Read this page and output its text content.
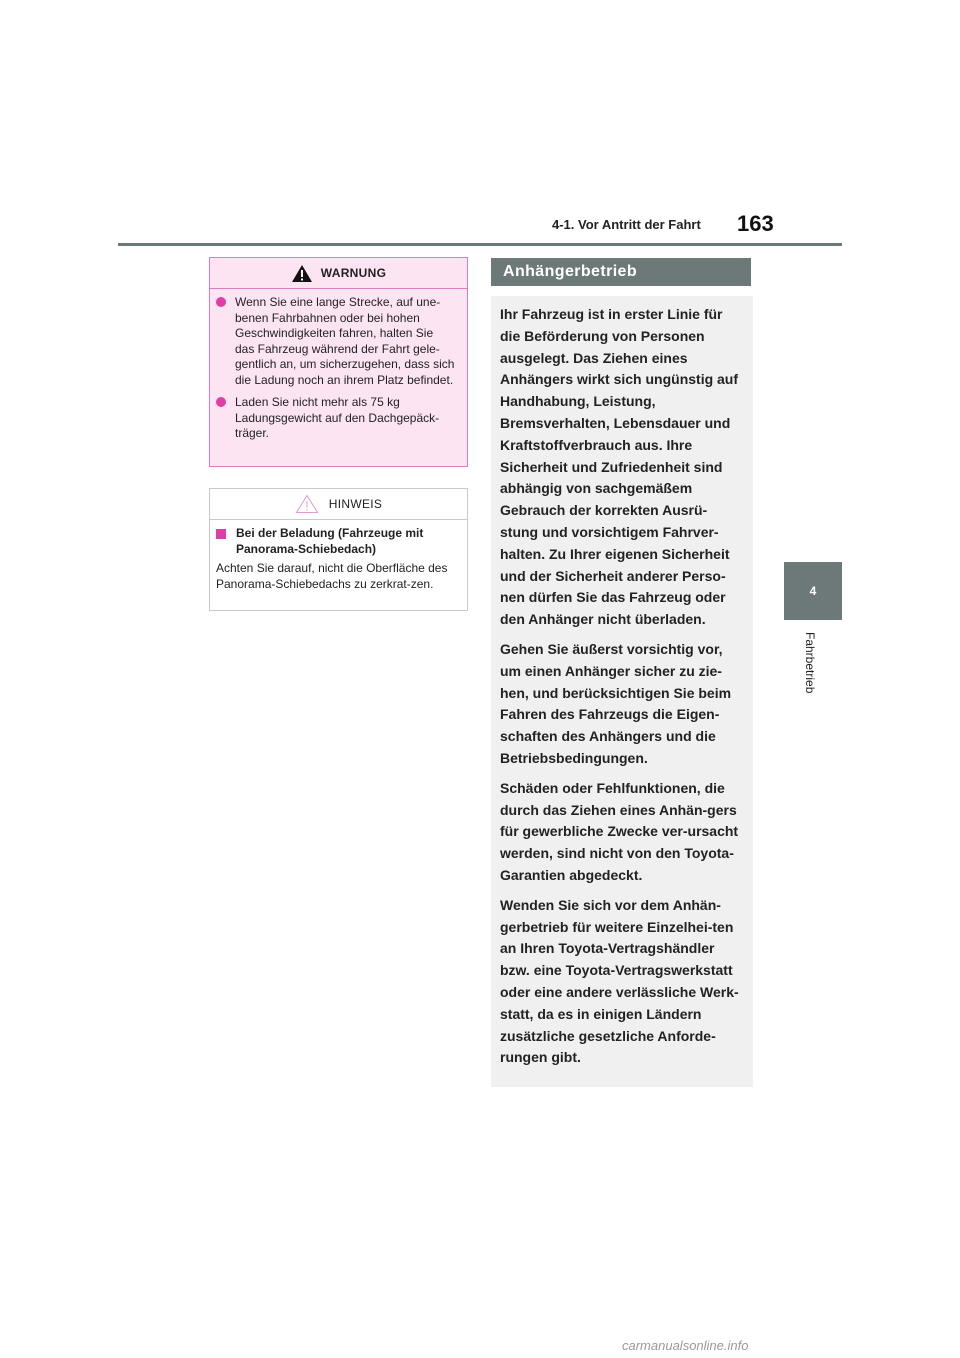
4-1. Vor Antritt der Fahrt 163
4
Fahrbetrieb
WARNUNG
Wenn Sie eine lange Strecke, auf une-benen Fahrbahnen oder bei hohen Geschwindigkeiten fahren, halten Sie das Fahrzeug während der Fahrt gele-gentlich an, um sicherzugehen, dass sich die Ladung noch an ihrem Platz befindet.
Laden Sie nicht mehr als 75 kg Ladungsgewicht auf den Dachgepäck-träger.
HINWEIS
Bei der Beladung (Fahrzeuge mit Panorama-Schiebedach)
Achten Sie darauf, nicht die Oberfläche des Panorama-Schiebedachs zu zerkrat-zen.
Anhängerbetrieb

Ihr Fahrzeug ist in erster Linie für die Beförderung von Personen ausgelegt. Das Ziehen eines Anhängers wirkt sich ungünstig auf Handhabung, Leistung, Bremsverhalten, Lebensdauer und Kraftstoffverbrauch aus. Ihre Sicherheit und Zufriedenheit sind abhängig von sachgemäßem Gebrauch der korrekten Ausrü-stung und vorsichtigem Fahrver-halten. Zu Ihrer eigenen Sicherheit und der Sicherheit anderer Perso-nen dürfen Sie das Fahrzeug oder den Anhänger nicht überladen.

Gehen Sie äußerst vorsichtig vor, um einen Anhänger sicher zu zie-hen, und berücksichtigen Sie beim Fahren des Fahrzeugs die Eigen-schaften des Anhängers und die Betriebsbedingungen.

Schäden oder Fehlfunktionen, die durch das Ziehen eines Anhän-gers für gewerbliche Zwecke ver-ursacht werden, sind nicht von den Toyota-Garantien abgedeckt.

Wenden Sie sich vor dem Anhän-gerbetrieb für weitere Einzelhei-ten an Ihren Toyota-Vertragshändler bzw. eine Toyota-Vertragswerkstatt oder eine andere verlässliche Werk-statt, da es in einigen Ländern zusätzliche gesetzliche Anforde-rungen gibt.

carmanualsonline.info
